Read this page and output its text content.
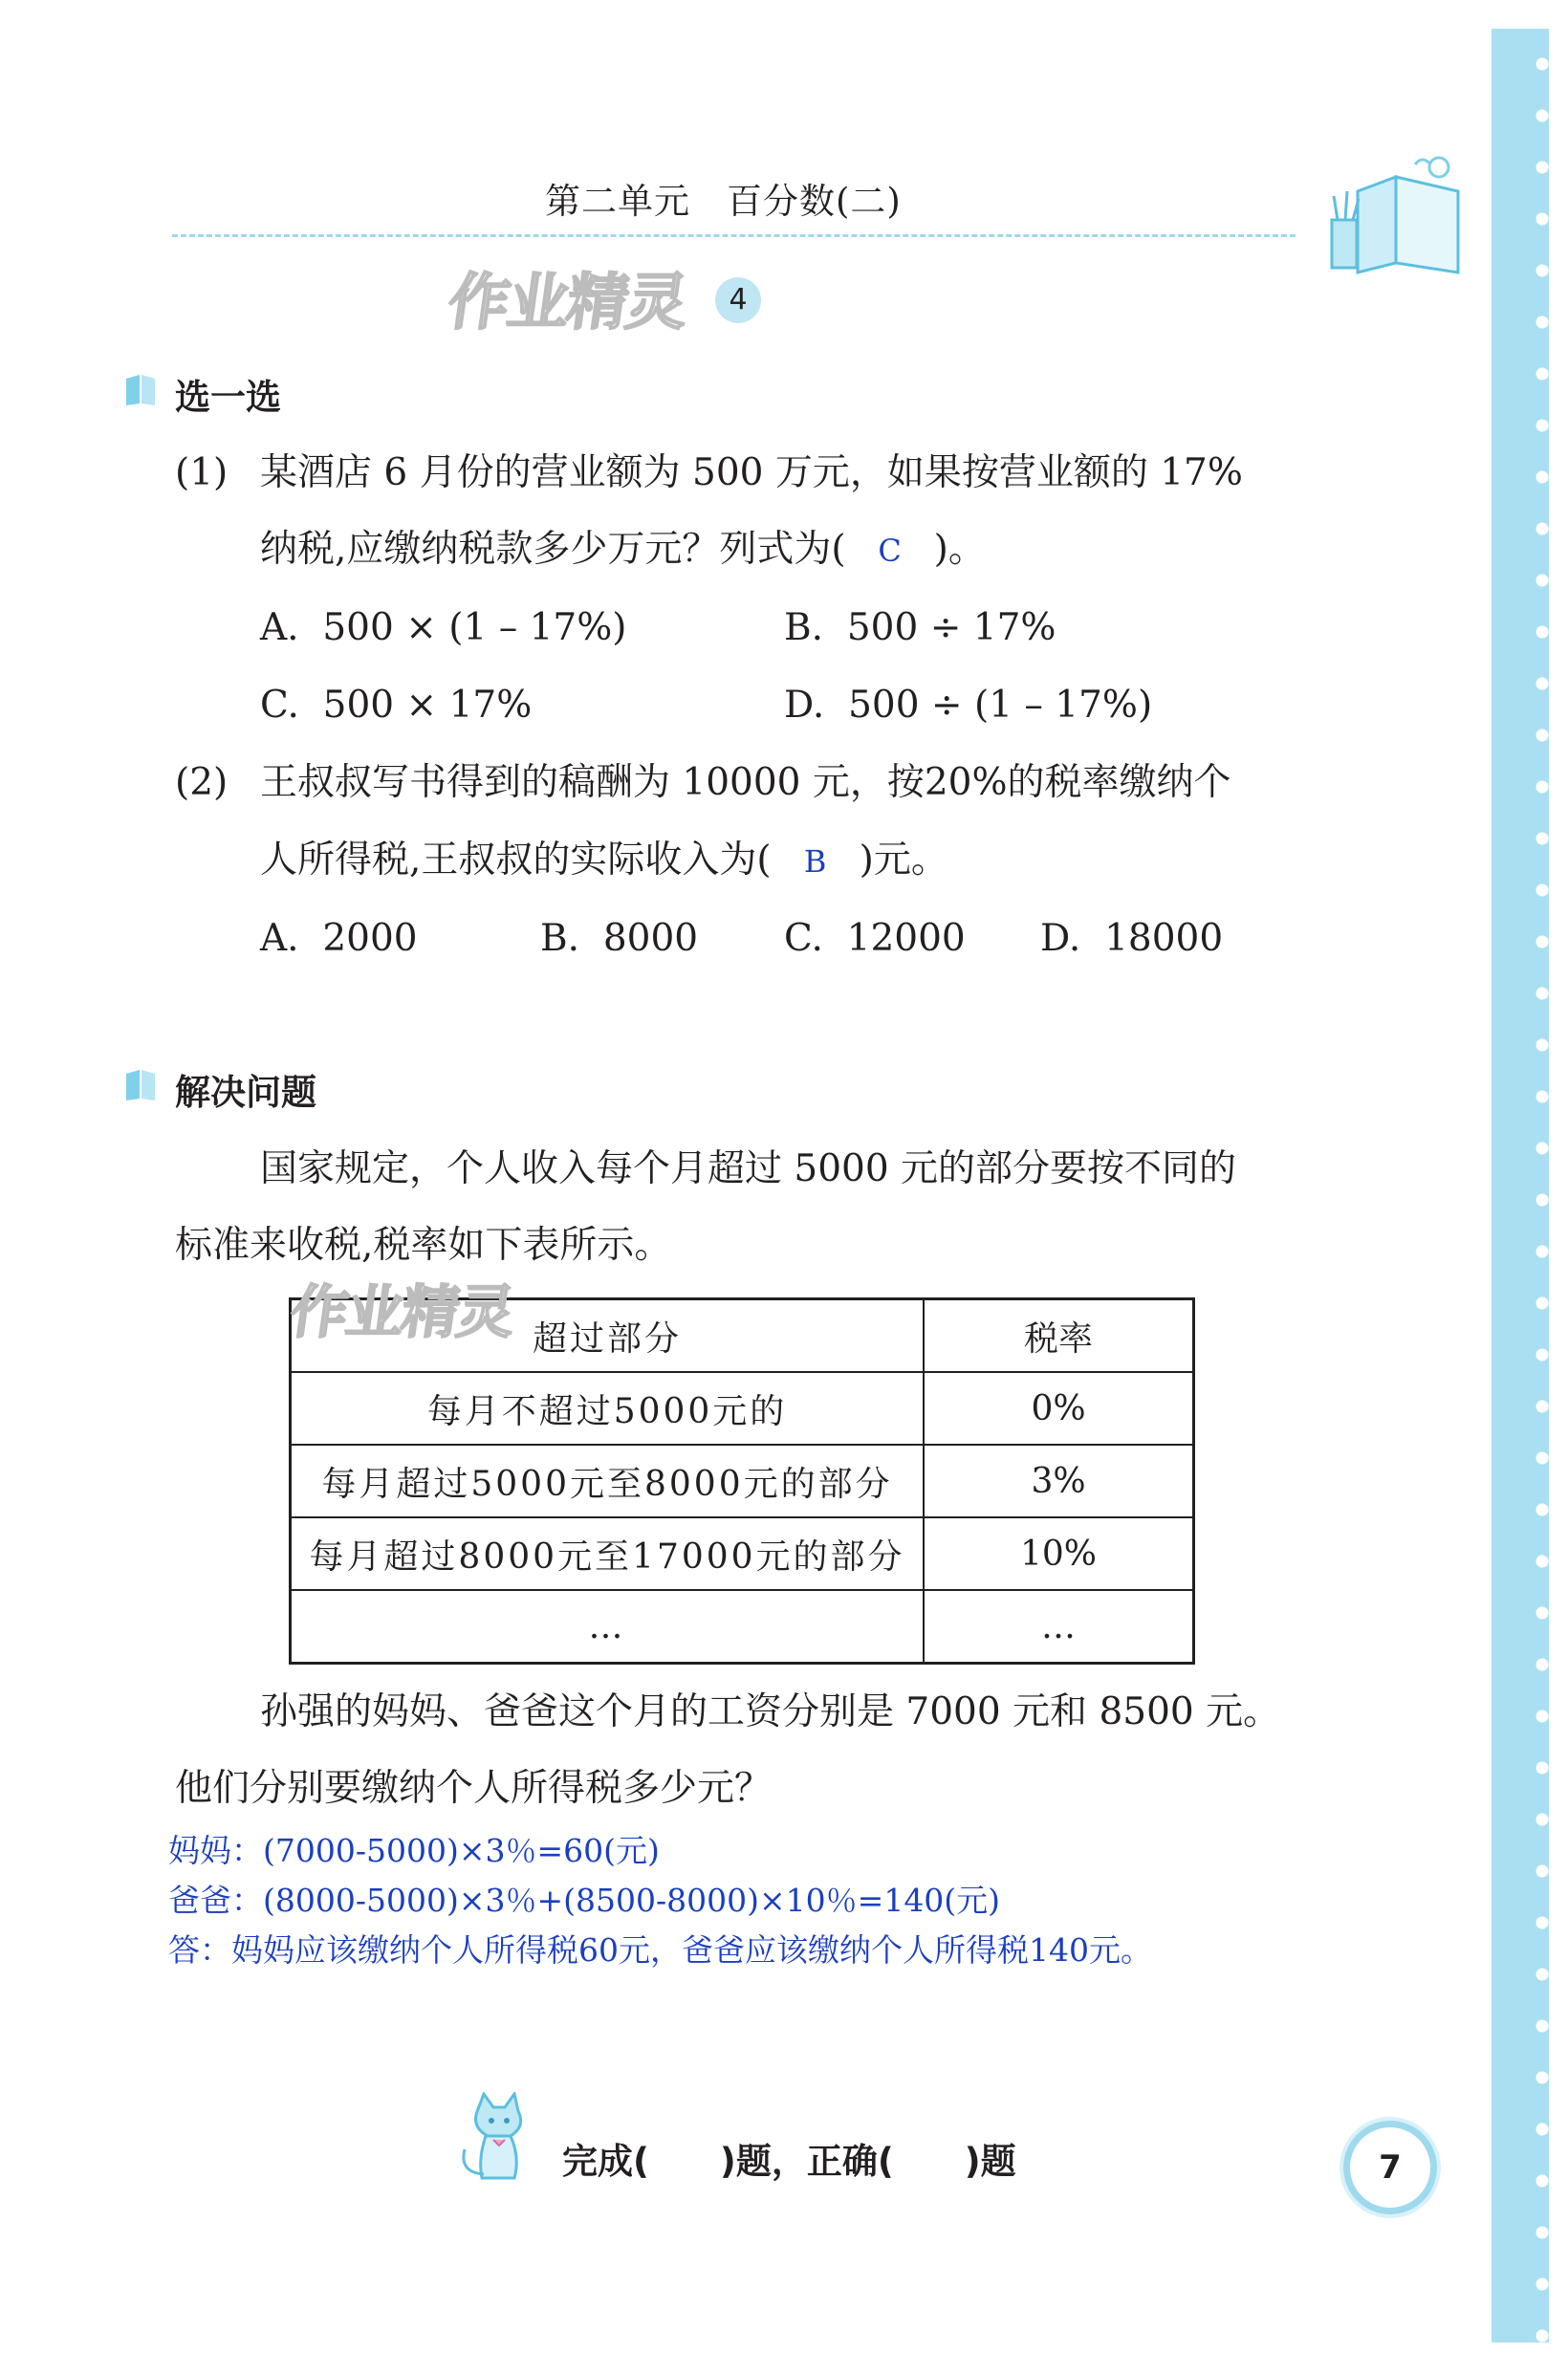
第二单元　百分数(二)
作业精灵	4
选一选
(1) 某酒店 6 月份的营业额为 500 万元，如果按营业额的 17%
纳税,应缴纳税款多少万元？列式为( C )。
A. 500 × (1 – 17%)	B. 500 ÷ 17%
C. 500 × 17%	D. 500 ÷ (1 – 17%)
(2) 王叔叔写书得到的稿酬为 10000 元，按20%的税率缴纳个
人所得税,王叔叔的实际收入为( B )元。
A. 2000	B. 8000 C. 12000 D. 18000
解决问题
国家规定，个人收入每个月超过 5000 元的部分要按不同的
标准来收税,税率如下表所示。
超过部分	税率
每月不超过5000元的	0%
每月超过5000元至8000元的部分	3%
每月超过8000元至17000元的部分	10%
…	…
作业精灵
孙强的妈妈、爸爸这个月的工资分别是 7000 元和 8500 元。
他们分别要缴纳个人所得税多少元？
妈妈：(7000-5000)×3％=60(元)
爸爸：(8000-5000)×3％+(8500-8000)×10％=140(元)
答：妈妈应该缴纳个人所得税60元，爸爸应该缴纳个人所得税140元。
完成(　　)题，正确(　　)题	7
